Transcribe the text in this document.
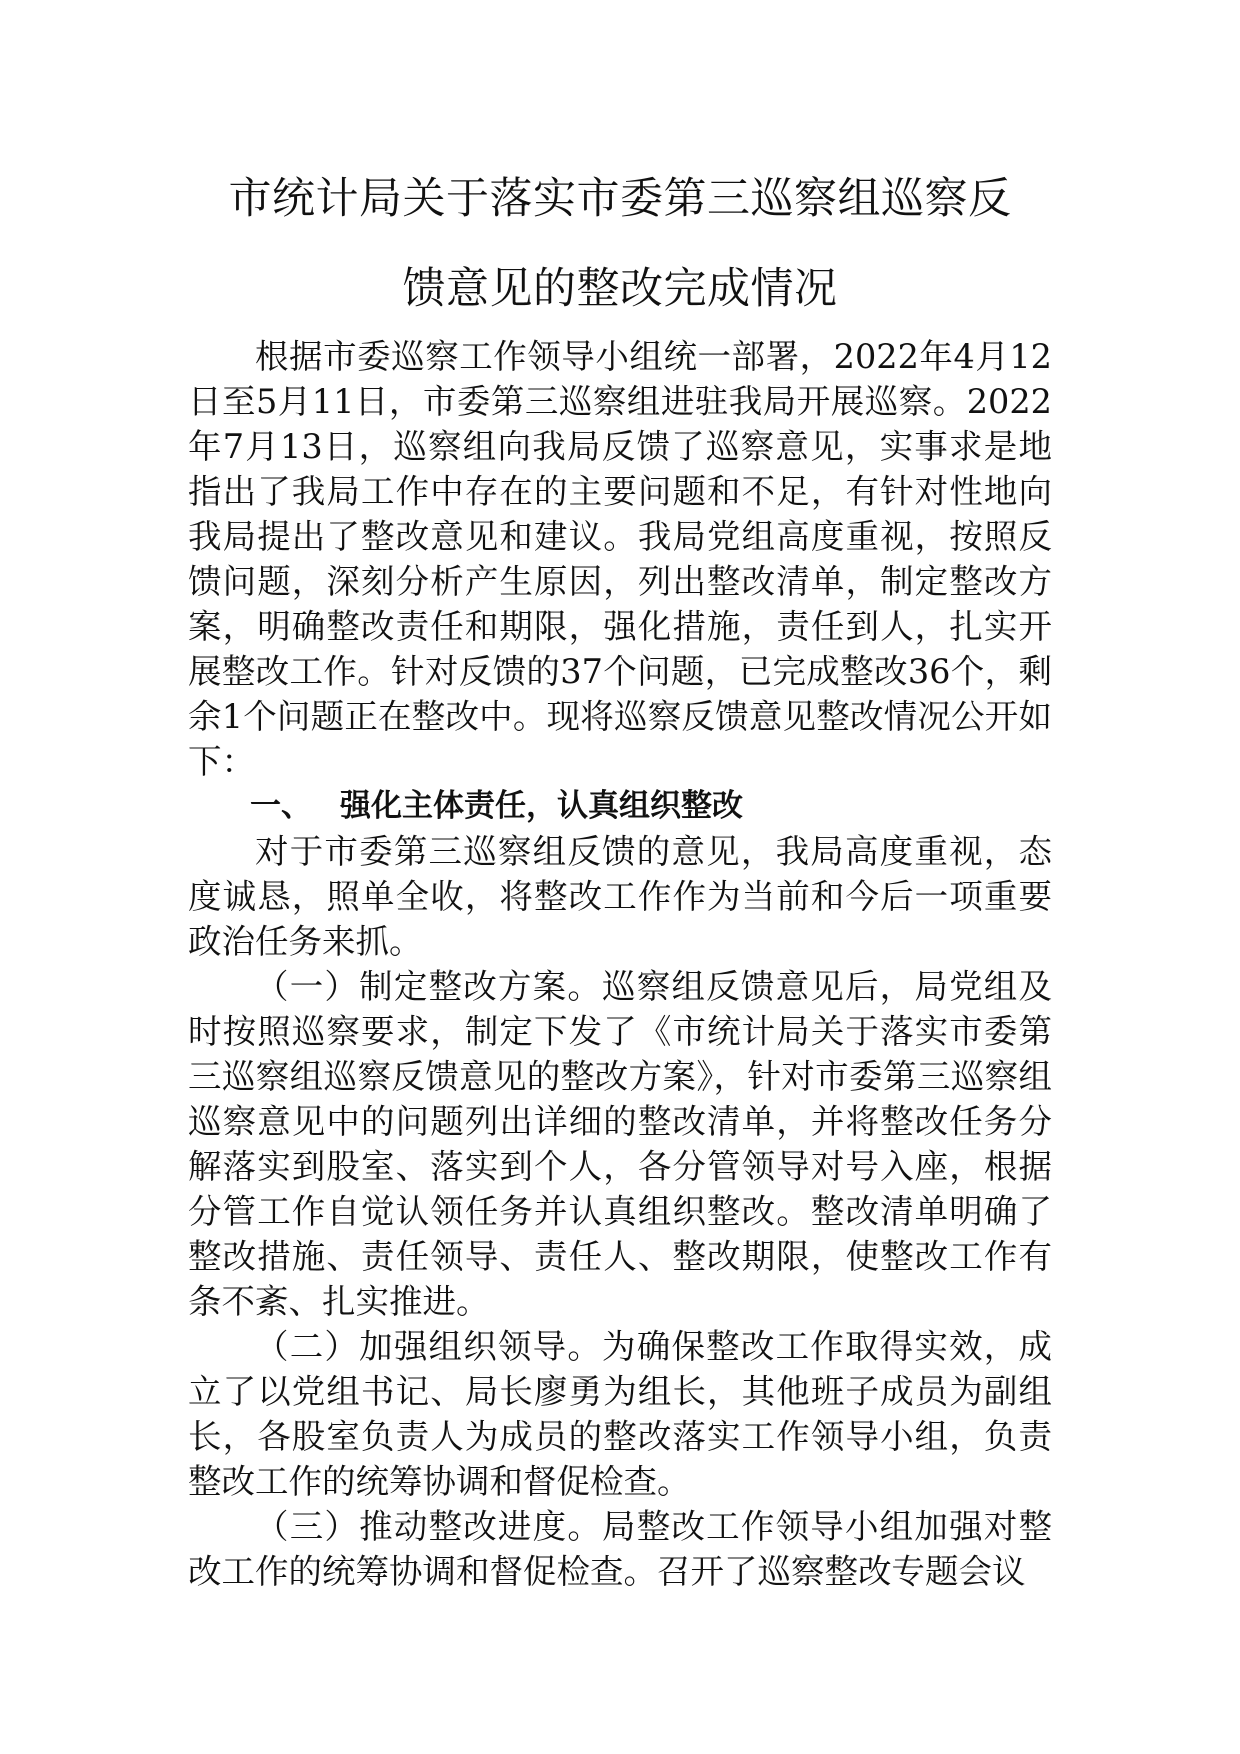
市统计局关于落实市委第三巡察组巡察反
馈意见的整改完成情况

根据市委巡察工作领导小组统一部署，2022年4月12日至5月11日，市委第三巡察组进驻我局开展巡察。2022年7月13日，巡察组向我局反馈了巡察意见，实事求是地指出了我局工作中存在的主要问题和不足，有针对性地向我局提出了整改意见和建议。我局党组高度重视，按照反馈问题，深刻分析产生原因，列出整改清单，制定整改方案，明确整改责任和期限，强化措施，责任到人，扎实开展整改工作。针对反馈的37个问题，已完成整改36个，剩余1个问题正在整改中。现将巡察反馈意见整改情况公开如下：

一、 强化主体责任，认真组织整改

对于市委第三巡察组反馈的意见，我局高度重视，态度诚恳，照单全收，将整改工作作为当前和今后一项重要政治任务来抓。

（一）制定整改方案。巡察组反馈意见后，局党组及时按照巡察要求，制定下发了《市统计局关于落实市委第三巡察组巡察反馈意见的整改方案》，针对市委第三巡察组巡察意见中的问题列出详细的整改清单，并将整改任务分解落实到股室、落实到个人，各分管领导对号入座，根据分管工作自觉认领任务并认真组织整改。整改清单明确了整改措施、责任领导、责任人、整改期限，使整改工作有条不紊、扎实推进。

（二）加强组织领导。为确保整改工作取得实效，成立了以党组书记、局长廖勇为组长，其他班子成员为副组长，各股室负责人为成员的整改落实工作领导小组，负责整改工作的统筹协调和督促检查。

（三）推动整改进度。局整改工作领导小组加强对整改工作的统筹协调和督促检查。召开了巡察整改专题会议
